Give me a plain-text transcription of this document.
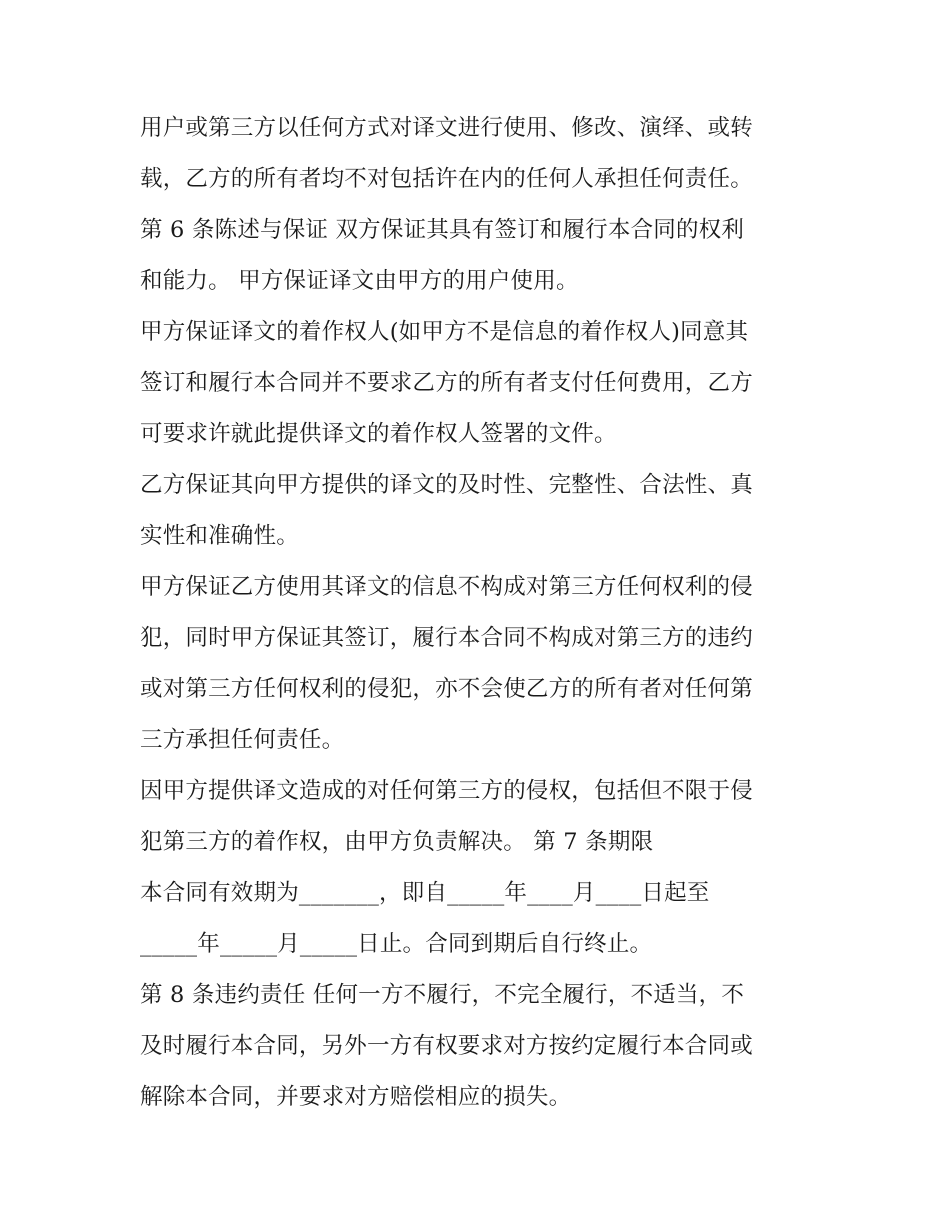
用户或第三方以任何方式对译文进行使用、修改、演绎、或转
载，乙方的所有者均不对包括许在内的任何人承担任何责任。
第 6 条陈述与保证 双方保证其具有签订和履行本合同的权利
和能力。 甲方保证译文由甲方的用户使用。
甲方保证译文的着作权人(如甲方不是信息的着作权人)同意其
签订和履行本合同并不要求乙方的所有者支付任何费用，乙方
可要求许就此提供译文的着作权人签署的文件。
乙方保证其向甲方提供的译文的及时性、完整性、合法性、真
实性和准确性。
甲方保证乙方使用其译文的信息不构成对第三方任何权利的侵
犯，同时甲方保证其签订，履行本合同不构成对第三方的违约
或对第三方任何权利的侵犯，亦不会使乙方的所有者对任何第
三方承担任何责任。
因甲方提供译文造成的对任何第三方的侵权，包括但不限于侵
犯第三方的着作权，由甲方负责解决。 第 7 条期限
本合同有效期为_______，即自_____年____月____日起至
_____年_____月_____日止。合同到期后自行终止。
第 8 条违约责任 任何一方不履行，不完全履行，不适当，不
及时履行本合同，另外一方有权要求对方按约定履行本合同或
解除本合同，并要求对方赔偿相应的损失。
